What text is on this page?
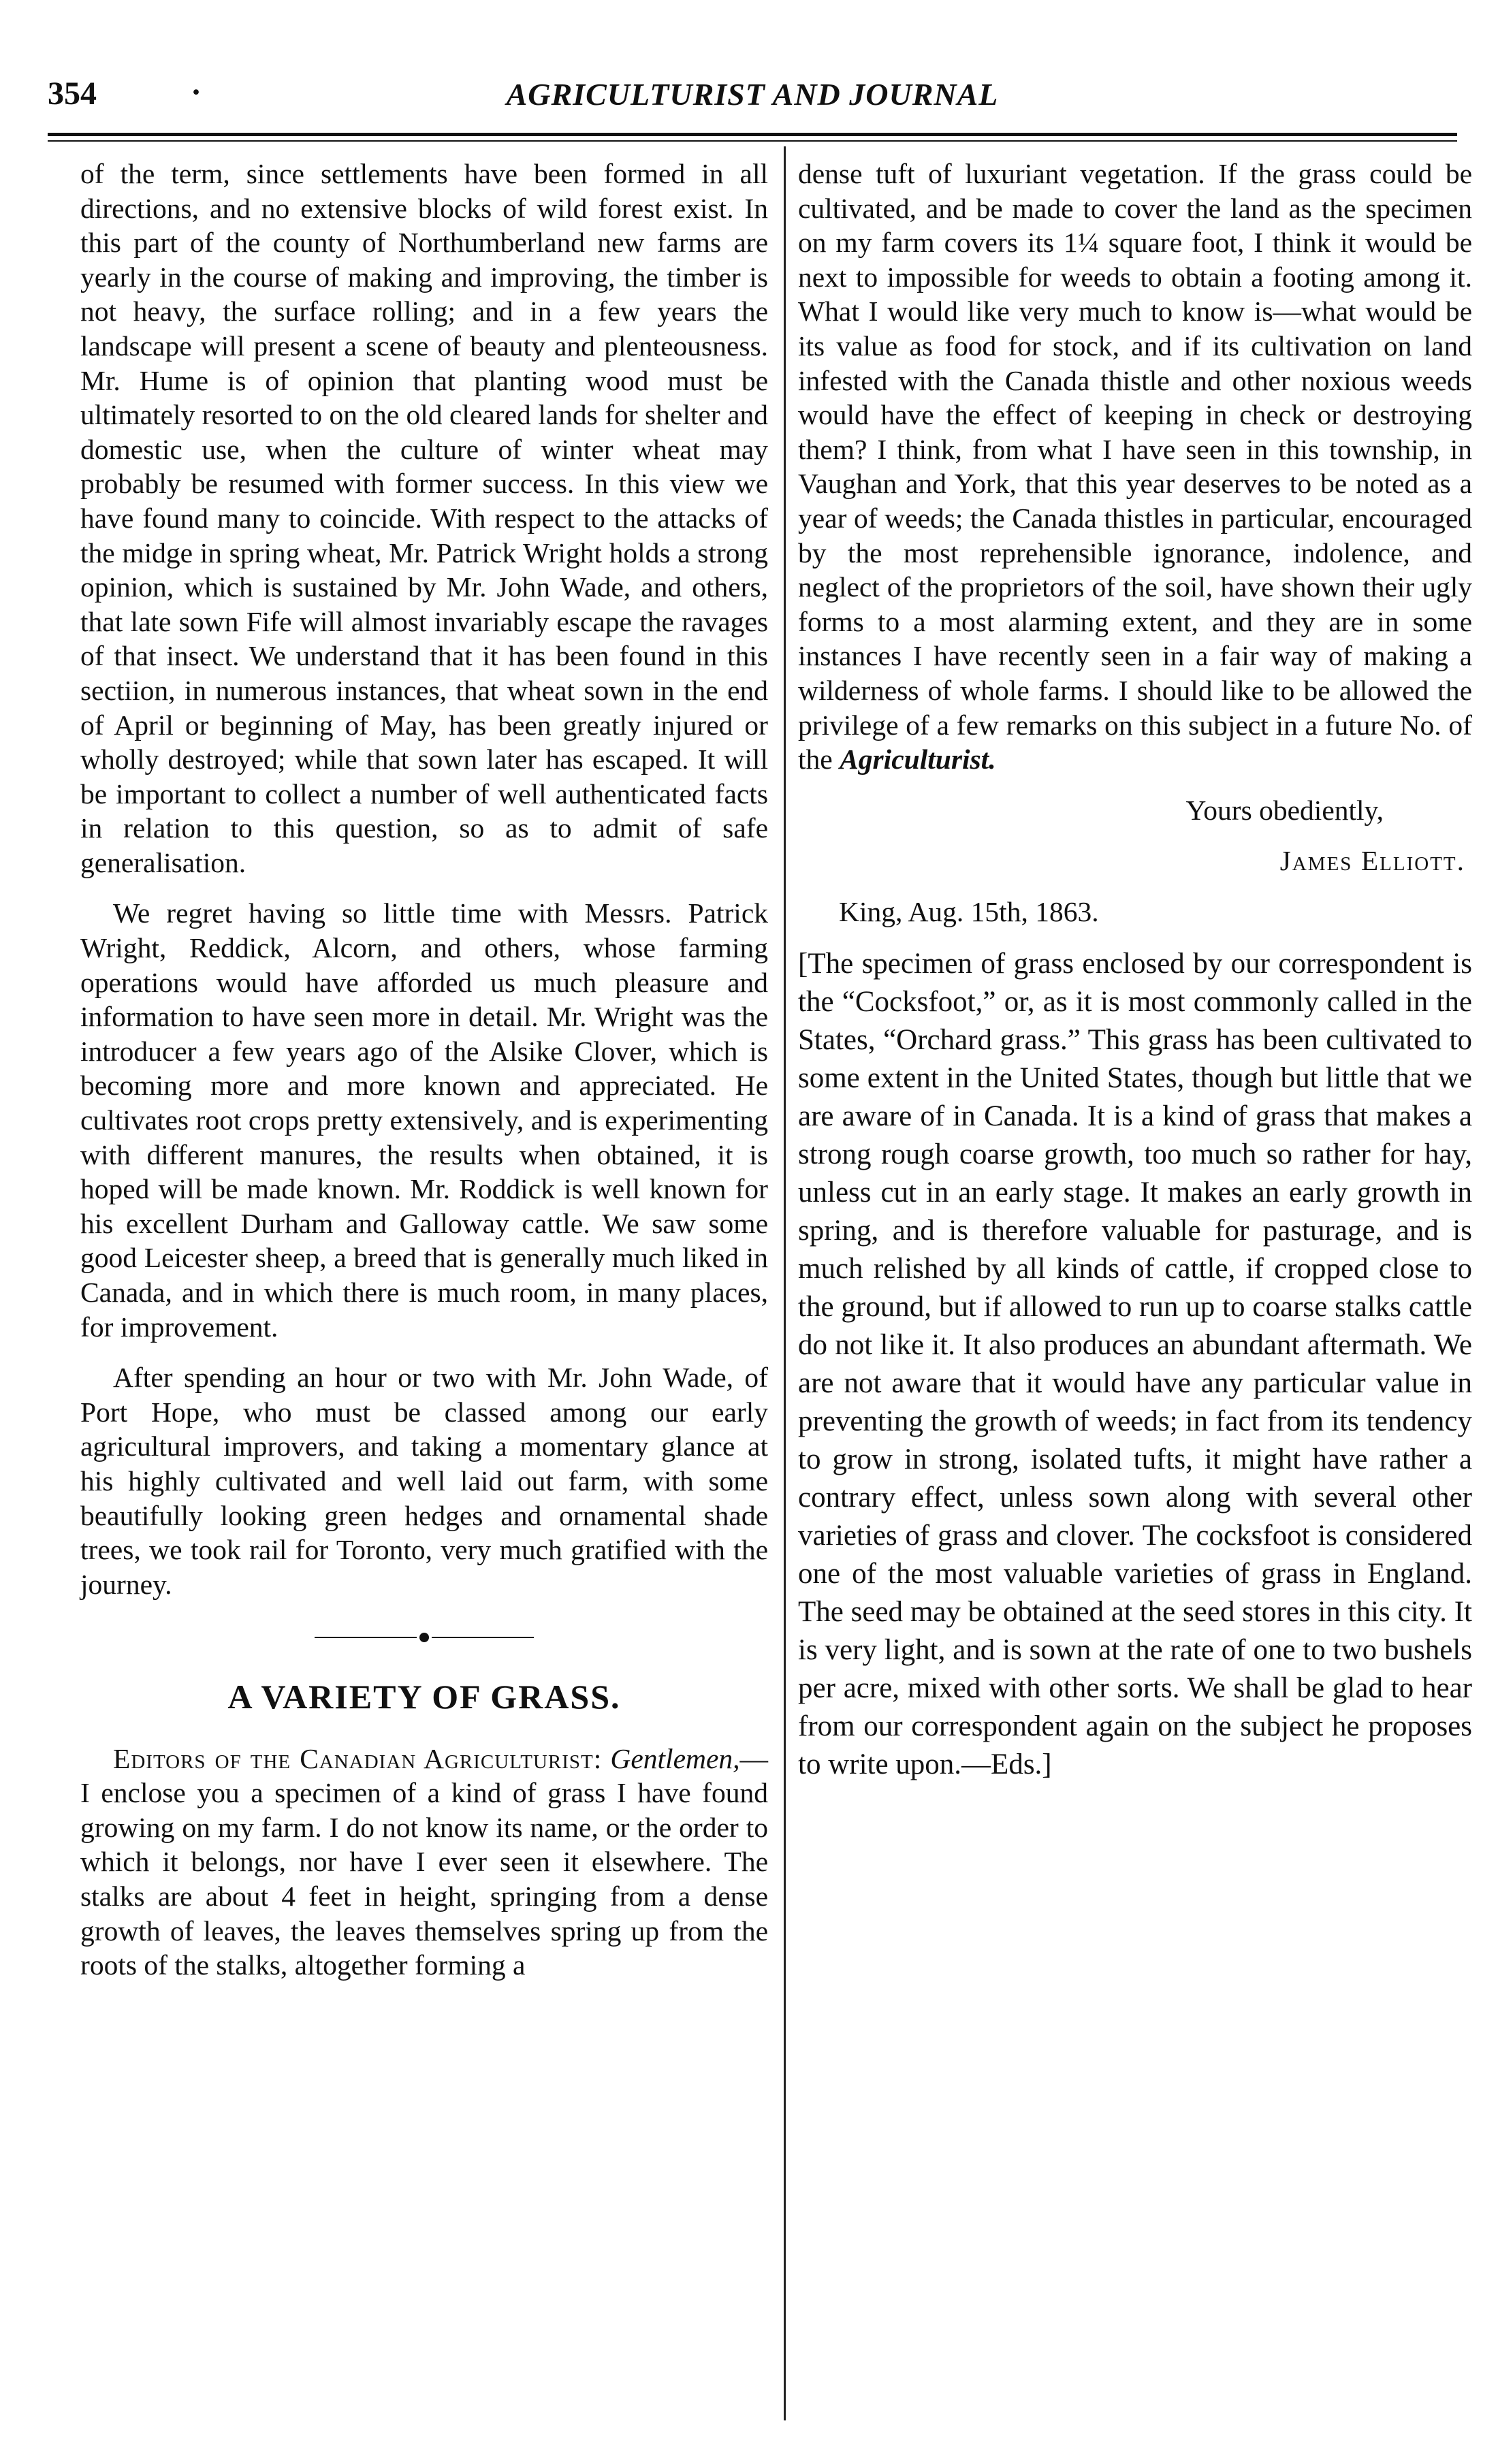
354	·	AGRICULTURIST AND JOURNAL

of the term, since settlements have been formed in all directions, and no extensive blocks of wild forest exist. In this part of the county of Northumberland new farms are yearly in the course of making and improving, the timber is not heavy, the surface rolling; and in a few years the landscape will present a scene of beauty and plenteousness. Mr. Hume is of opinion that planting wood must be ultimately resorted to on the old cleared lands for shelter and domestic use, when the culture of winter wheat may probably be resumed with former success. In this view we have found many to coincide. With respect to the attacks of the midge in spring wheat, Mr. Patrick Wright holds a strong opinion, which is sustained by Mr. John Wade, and others, that late sown Fife will almost invariably escape the ravages of that insect. We understand that it has been found in this sectiion, in numerous instances, that wheat sown in the end of April or beginning of May, has been greatly injured or wholly destroyed; while that sown later has escaped. It will be important to collect a number of well authenticated facts in relation to this question, so as to admit of safe generalisation.

We regret having so little time with Messrs. Patrick Wright, Reddick, Alcorn, and others, whose farming operations would have afforded us much pleasure and information to have seen more in detail. Mr. Wright was the introducer a few years ago of the Alsike Clover, which is becoming more and more known and appreciated. He cultivates root crops pretty extensively, and is experimenting with different manures, the results when obtained, it is hoped will be made known. Mr. Roddick is well known for his excellent Durham and Galloway cattle. We saw some good Leicester sheep, a breed that is generally much liked in Canada, and in which there is much room, in many places, for improvement.

After spending an hour or two with Mr. John Wade, of Port Hope, who must be classed among our early agricultural improvers, and taking a momentary glance at his highly cultivated and well laid out farm, with some beautifully looking green hedges and ornamental shade trees, we took rail for Toronto, very much gratified with the journey.

A VARIETY OF GRASS.

Editors of the Canadian Agriculturist: Gentlemen,—I enclose you a specimen of a kind of grass I have found growing on my farm. I do not know its name, or the order to which it belongs, nor have I ever seen it elsewhere. The stalks are about 4 feet in height, springing from a dense growth of leaves, the leaves themselves spring up from the roots of the stalks, altogether forming a

dense tuft of luxuriant vegetation. If the grass could be cultivated, and be made to cover the land as the specimen on my farm covers its 1¼ square foot, I think it would be next to impossible for weeds to obtain a footing among it. What I would like very much to know is—what would be its value as food for stock, and if its cultivation on land infested with the Canada thistle and other noxious weeds would have the effect of keeping in check or destroying them? I think, from what I have seen in this township, in Vaughan and York, that this year deserves to be noted as a year of weeds; the Canada thistles in particular, encouraged by the most reprehensible ignorance, indolence, and neglect of the proprietors of the soil, have shown their ugly forms to a most alarming extent, and they are in some instances I have recently seen in a fair way of making a wilderness of whole farms. I should like to be allowed the privilege of a few remarks on this subject in a future No. of the Agriculturist.

Yours obediently,

James Elliott.

King, Aug. 15th, 1863.

[The specimen of grass enclosed by our correspondent is the “Cocksfoot,” or, as it is most commonly called in the States, “Orchard grass.” This grass has been cultivated to some extent in the United States, though but little that we are aware of in Canada. It is a kind of grass that makes a strong rough coarse growth, too much so rather for hay, unless cut in an early stage. It makes an early growth in spring, and is therefore valuable for pasturage, and is much relished by all kinds of cattle, if cropped close to the ground, but if allowed to run up to coarse stalks cattle do not like it. It also produces an abundant aftermath. We are not aware that it would have any particular value in preventing the growth of weeds; in fact from its tendency to grow in strong, isolated tufts, it might have rather a contrary effect, unless sown along with several other varieties of grass and clover. The cocksfoot is considered one of the most valuable varieties of grass in England. The seed may be obtained at the seed stores in this city. It is very light, and is sown at the rate of one to two bushels per acre, mixed with other sorts. We shall be glad to hear from our correspondent again on the subject he proposes to write upon.—Eds.]
